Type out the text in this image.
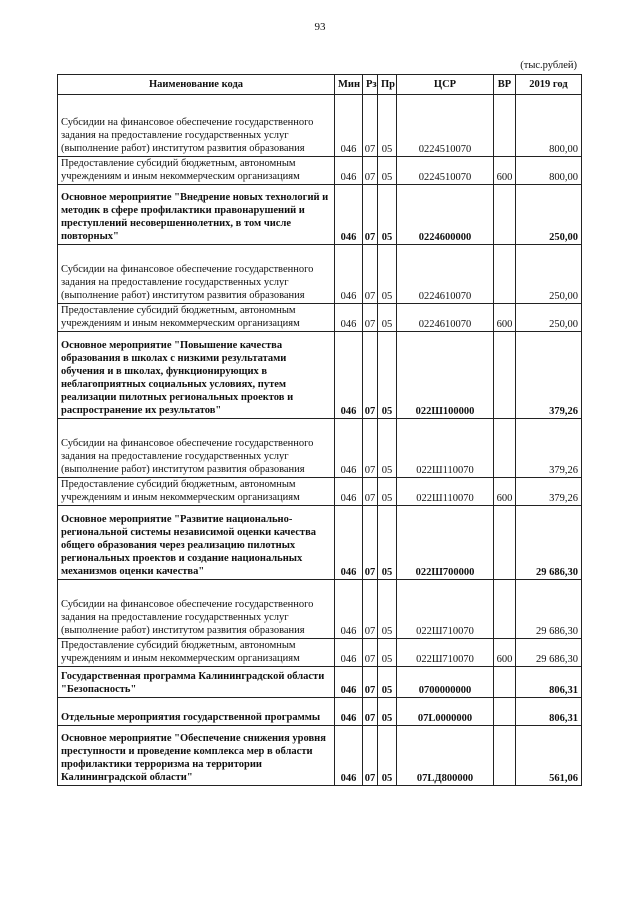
93
(тыс.рублей)
Наименование кода	Мин	Рз	Пр	ЦСР	ВР	2019 год

Субсидии на финансовое обеспечение государственного задания на предоставление государственных услуг (выполнение работ) институтом развития образования	046	07	05	0224510070		800,00

Предоставление субсидий бюджетным, автономным учреждениям и иным некоммерческим организациям	046	07	05	0224510070	600	800,00

Основное мероприятие "Внедрение новых технологий и методик в сфере профилактики правонарушений и преступлений несовершеннолетних, в том числе повторных"	046	07	05	0224600000		250,00

Субсидии на финансовое обеспечение государственного задания на предоставление государственных услуг (выполнение работ) институтом развития образования	046	07	05	0224610070		250,00

Предоставление субсидий бюджетным, автономным учреждениям и иным некоммерческим организациям	046	07	05	0224610070	600	250,00

Основное мероприятие "Повышение качества образования в школах с низкими результатами обучения и в школах, функционирующих в неблагоприятных социальных условиях, путем реализации пилотных региональных проектов и распространение их результатов"	046	07	05	022Ш100000		379,26

Субсидии на финансовое обеспечение государственного задания на предоставление государственных услуг (выполнение работ) институтом развития образования	046	07	05	022Ш110070		379,26

Предоставление субсидий бюджетным, автономным учреждениям и иным некоммерческим организациям	046	07	05	022Ш110070	600	379,26

Основное мероприятие "Развитие национально-региональной системы независимой оценки качества общего образования через реализацию пилотных региональных проектов и создание национальных механизмов оценки качества"	046	07	05	022Ш700000		29 686,30

Субсидии на финансовое обеспечение государственного задания на предоставление государственных услуг (выполнение работ) институтом развития образования	046	07	05	022Ш710070		29 686,30

Предоставление субсидий бюджетным, автономным учреждениям и иным некоммерческим организациям	046	07	05	022Ш710070	600	29 686,30

Государственная программа Калининградской области "Безопасность"	046	07	05	0700000000		806,31

Отдельные мероприятия государственной программы	046	07	05	07L0000000		806,31

Основное мероприятие "Обеспечение снижения уровня преступности и проведение комплекса мер в области профилактики терроризма на территории Калининградской области"	046	07	05	07LД800000		561,06
